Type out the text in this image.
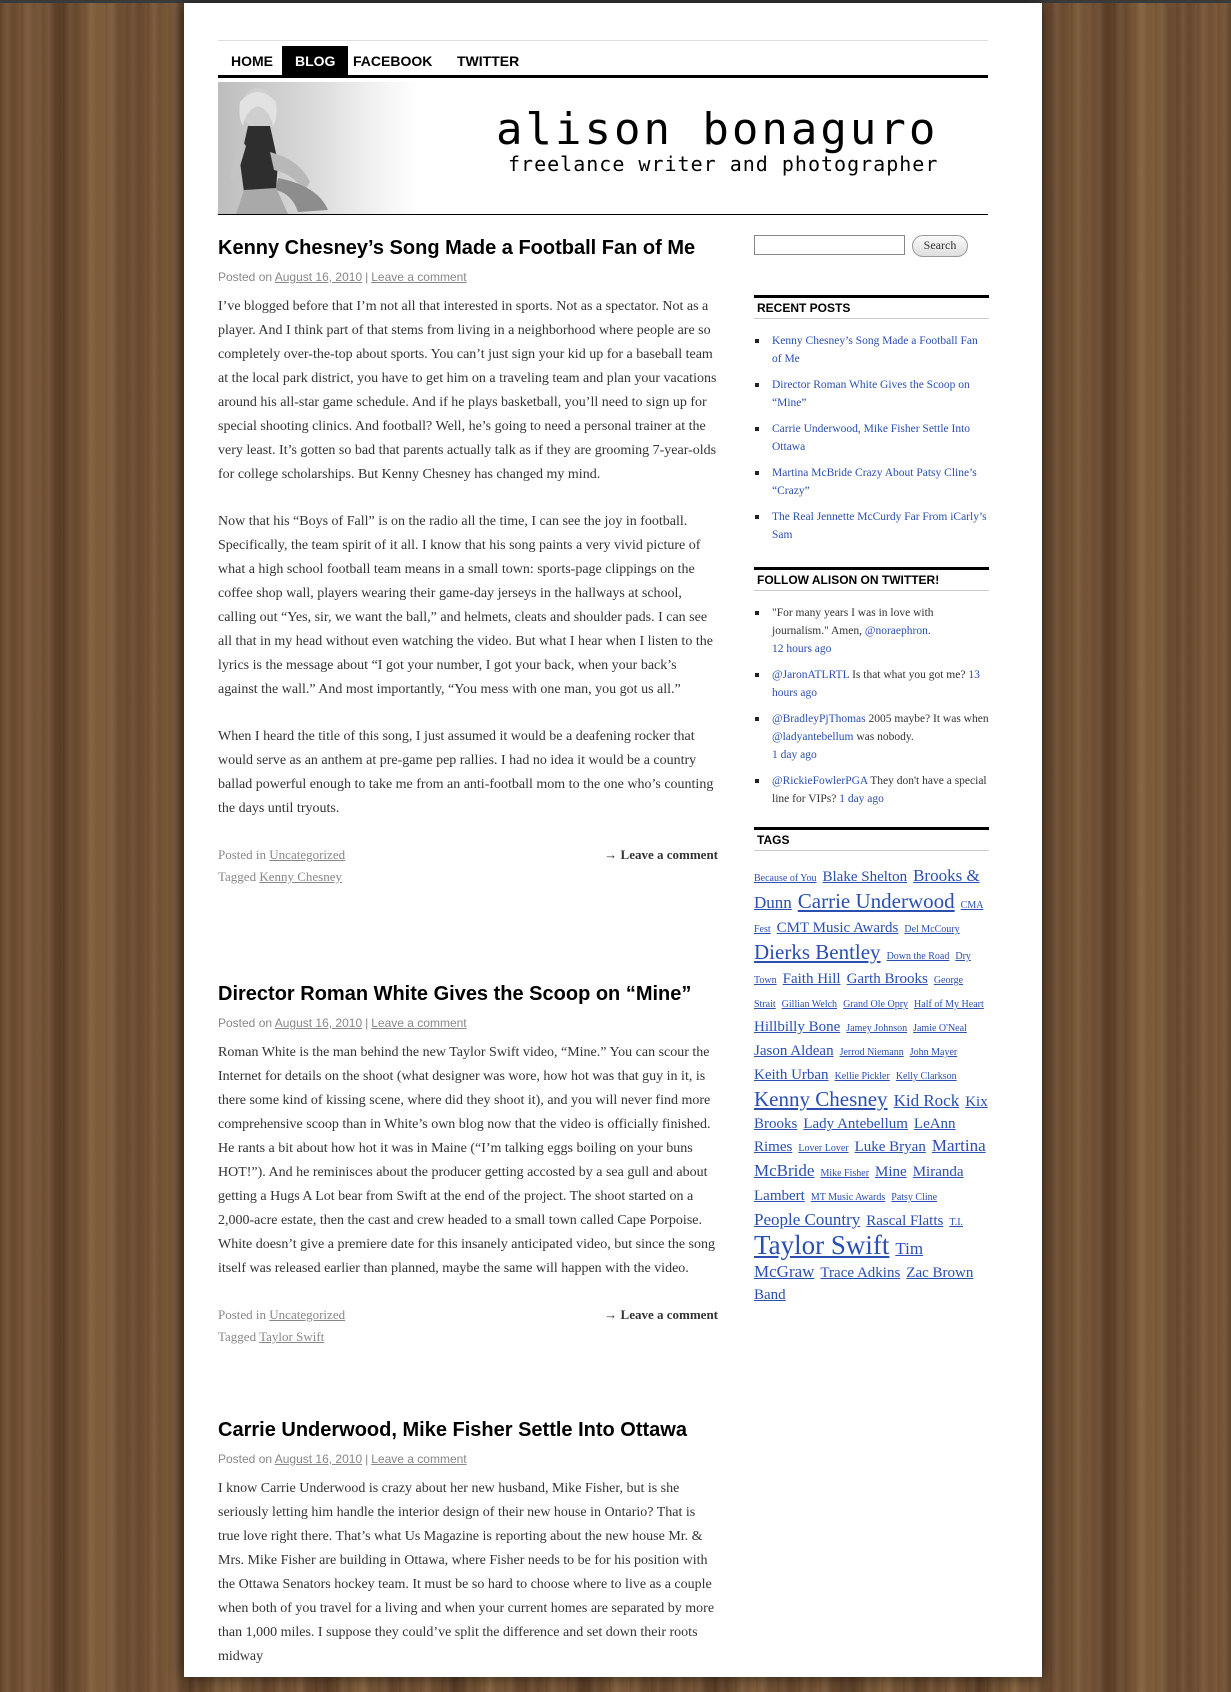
HOME	BLOG	FACEBOOK	TWITTER
alison bonaguro
freelance writer and photographer
Kenny Chesney’s Song Made a Football Fan of Me
Posted on August 16, 2010 | Leave a comment

I’ve blogged before that I’m not all that interested in sports. Not as a spectator. Not as a player. And I think part of that stems from living in a neighborhood where people are so completely over-the-top about sports. You can’t just sign your kid up for a baseball team at the local park district, you have to get him on a traveling team and plan your vacations around his all-star game schedule. And if he plays basketball, you’ll need to sign up for special shooting clinics. And football? Well, he’s going to need a personal trainer at the very least. It’s gotten so bad that parents actually talk as if they are grooming 7-year-olds for college scholarships. But Kenny Chesney has changed my mind.

Now that his “Boys of Fall” is on the radio all the time, I can see the joy in football. Specifically, the team spirit of it all. I know that his song paints a very vivid picture of what a high school football team means in a small town: sports-page clippings on the coffee shop wall, players wearing their game-day jerseys in the hallways at school, calling out “Yes, sir, we want the ball,” and helmets, cleats and shoulder pads. I can see all that in my head without even watching the video. But what I hear when I listen to the lyrics is the message about “I got your number, I got your back, when your back’s against the wall.” And most importantly, “You mess with one man, you got us all.”

When I heard the title of this song, I just assumed it would be a deafening rocker that would serve as an anthem at pre-game pep rallies. I had no idea it would be a country ballad powerful enough to take me from an anti-football mom to the one who’s counting the days until tryouts.

Posted in Uncategorized
Tagged Kenny Chesney
→ Leave a comment
Director Roman White Gives the Scoop on “Mine”
Posted on August 16, 2010 | Leave a comment

Roman White is the man behind the new Taylor Swift video, “Mine.” You can scour the Internet for details on the shoot (what designer was wore, how hot was that guy in it, is there some kind of kissing scene, where did they shoot it), and you will never find more comprehensive scoop than in White’s own blog now that the video is officially finished. He rants a bit about how hot it was in Maine (“I’m talking eggs boiling on your buns HOT!”). And he reminisces about the producer getting accosted by a sea gull and about getting a Hugs A Lot bear from Swift at the end of the project. The shoot started on a 2,000-acre estate, then the cast and crew headed to a small town called Cape Porpoise. White doesn’t give a premiere date for this insanely anticipated video, but since the song itself was released earlier than planned, maybe the same will happen with the video.

Posted in Uncategorized
Tagged Taylor Swift
→ Leave a comment
Carrie Underwood, Mike Fisher Settle Into Ottawa
Posted on August 16, 2010 | Leave a comment

I know Carrie Underwood is crazy about her new husband, Mike Fisher, but is she seriously letting him handle the interior design of their new house in Ontario? That is true love right there. That’s what Us Magazine is reporting about the new house Mr. & Mrs. Mike Fisher are building in Ottawa, where Fisher needs to be for his position with the Ottawa Senators hockey team. It must be so hard to choose where to live as a couple when both of you travel for a living and when your current homes are separated by more than 1,000 miles. I suppose they could’ve split the difference and set down their roots midway

Search
RECENT POSTS
Kenny Chesney’s Song Made a Football Fan of Me
Director Roman White Gives the Scoop on “Mine”
Carrie Underwood, Mike Fisher Settle Into Ottawa
Martina McBride Crazy About Patsy Cline’s “Crazy”
The Real Jennette McCurdy Far From iCarly’s Sam
FOLLOW ALISON ON TWITTER!
"For many years I was in love with journalism." Amen, @noraephron.
12 hours ago
@JaronATLRTL Is that what you got me? 13 hours ago
@BradleyPjThomas 2005 maybe? It was when @ladyantebellum was nobody.
1 day ago
@RickieFowlerPGA They don't have a special line for VIPs? 1 day ago
TAGS
Because of You Blake Shelton Brooks & Dunn Carrie Underwood CMA Fest CMT Music Awards Del McCoury Dierks Bentley Down the Road Dry Town Faith Hill Garth Brooks George Strait Gillian Welch Grand Ole Opry Half of My Heart Hillbilly Bone Jamey Johnson Jamie O'Neal Jason Aldean Jerrod Niemann John Mayer Keith Urban Kellie Pickler Kelly Clarkson Kenny Chesney Kid Rock Kix Brooks Lady Antebellum LeAnn Rimes Lover Lover Luke Bryan Martina McBride Mike Fisher Mine Miranda Lambert MT Music Awards Patsy Cline People Country Rascal Flatts T.I. Taylor Swift Tim McGraw Trace Adkins Zac Brown Band
